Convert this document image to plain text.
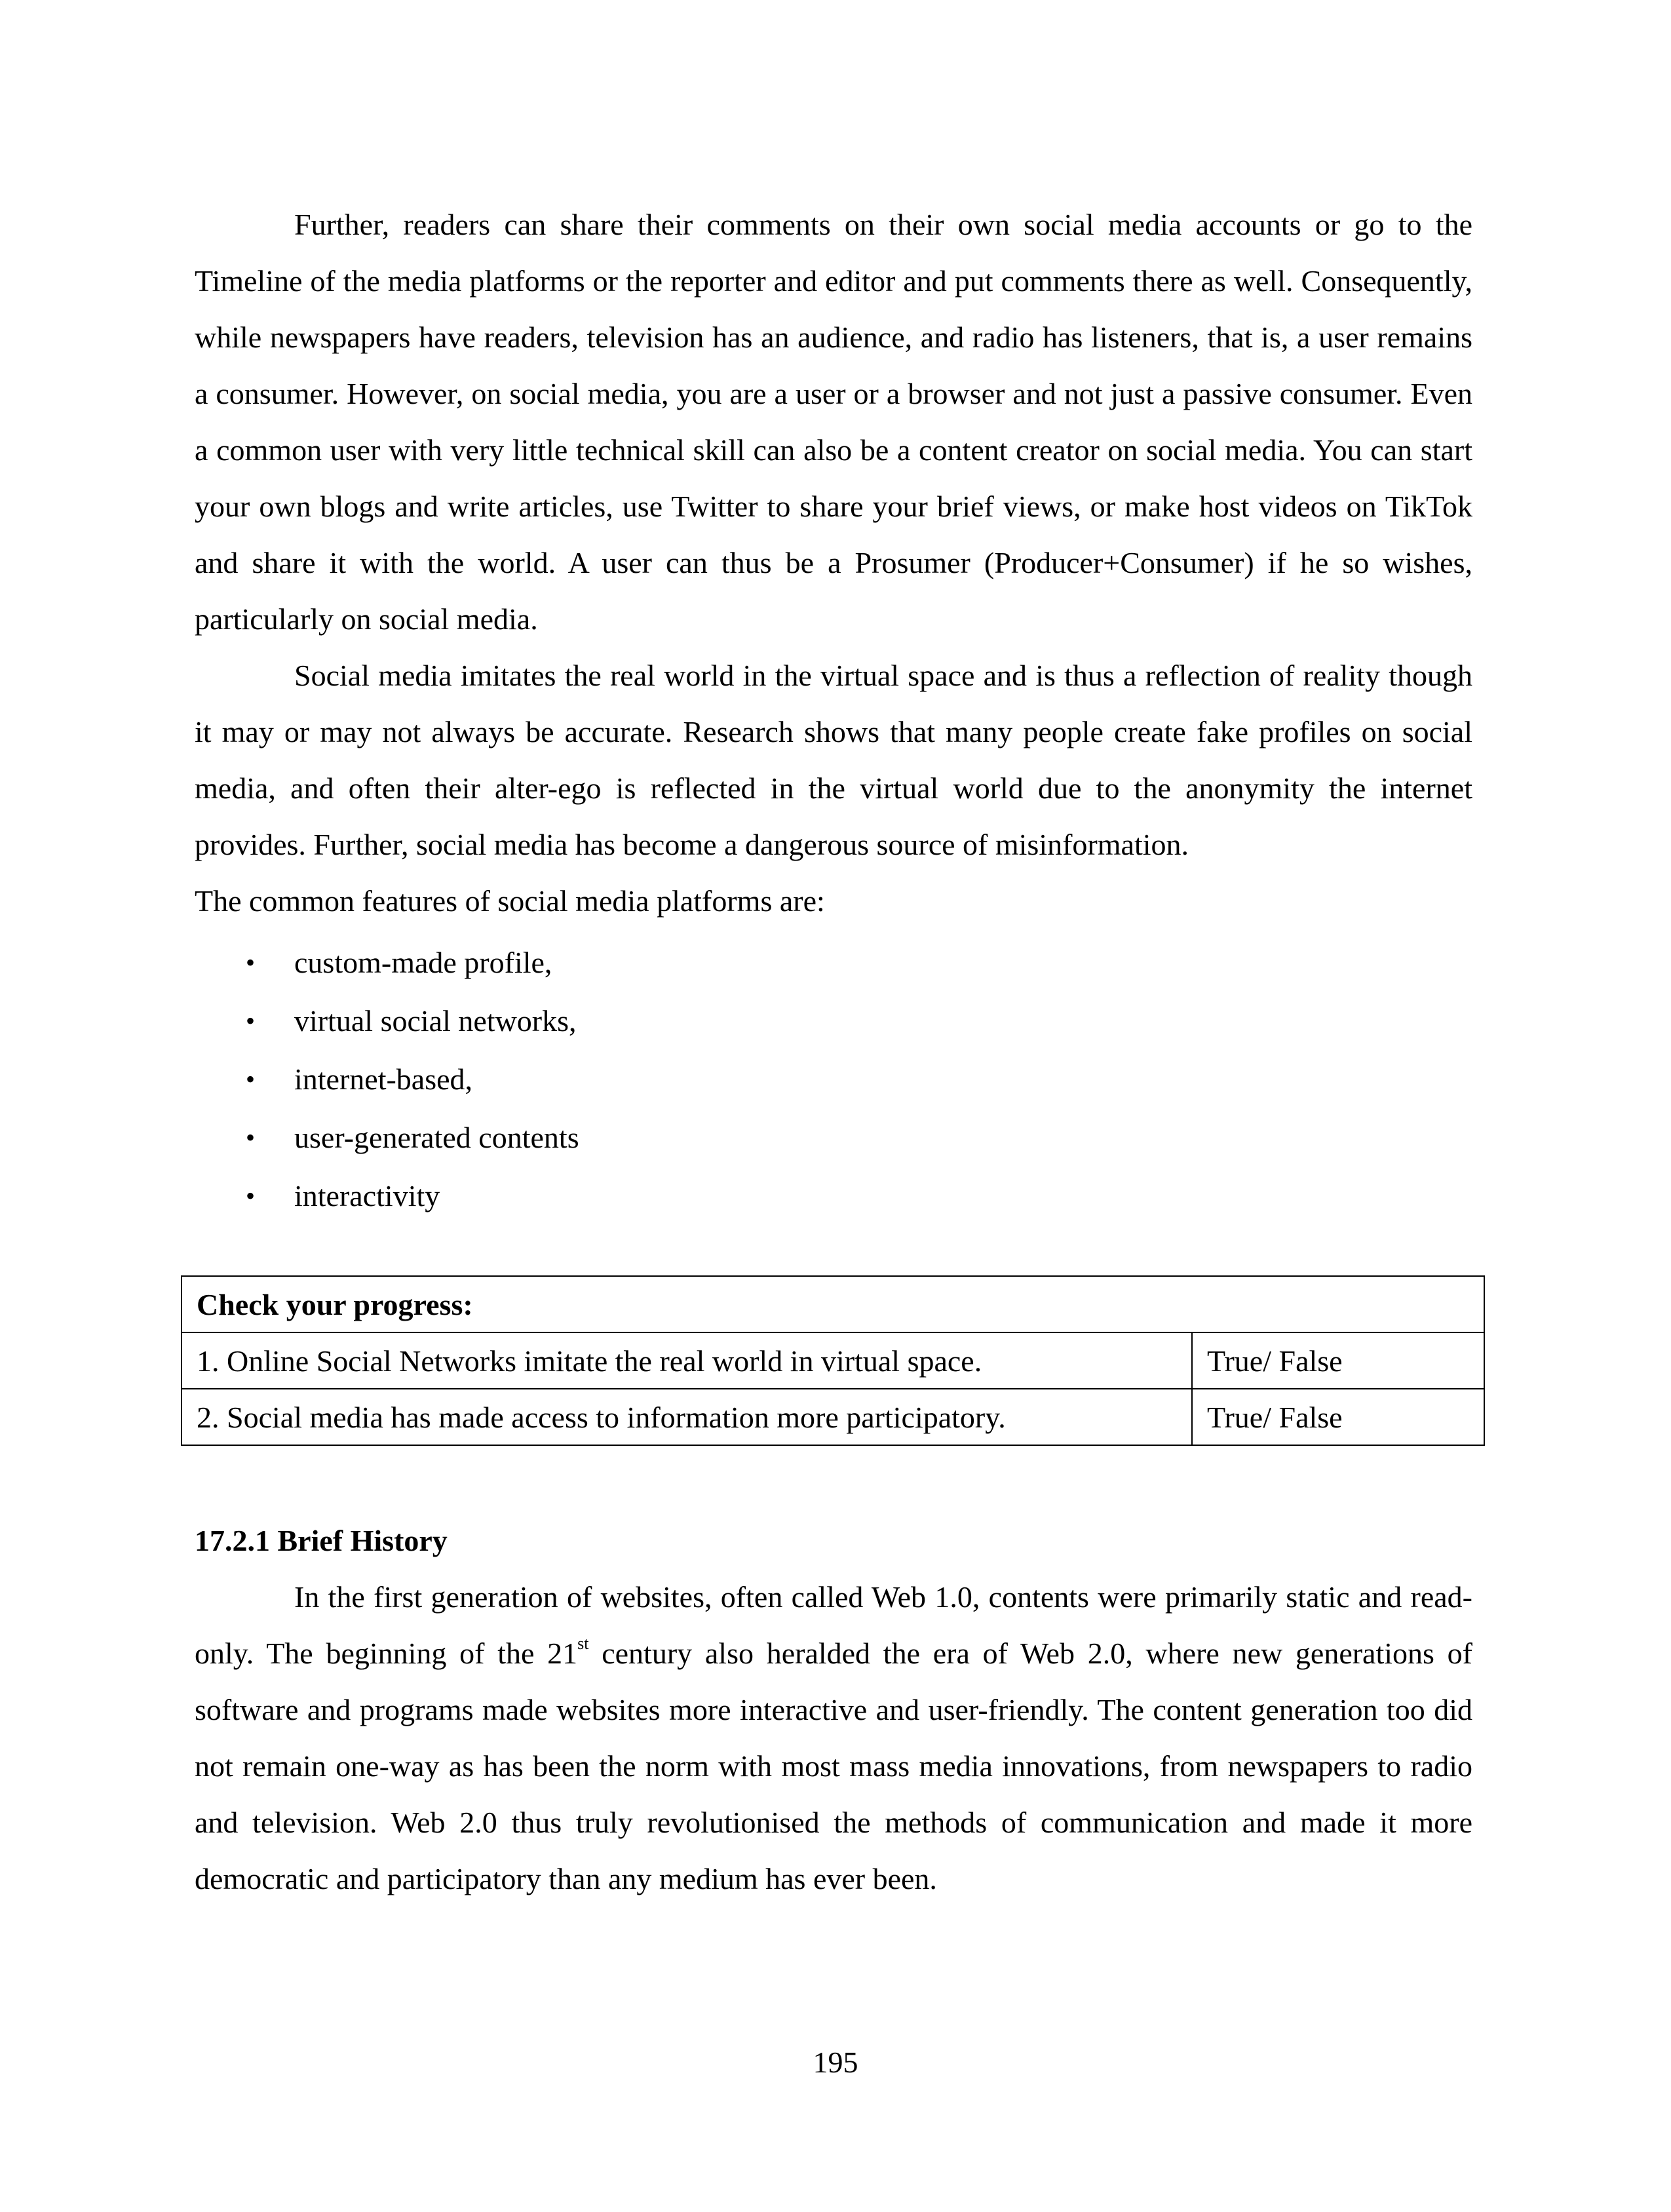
Further, readers can share their comments on their own social media accounts or go to the Timeline of the media platforms or the reporter and editor and put comments there as well. Consequently, while newspapers have readers, television has an audience, and radio has listeners, that is, a user remains a consumer. However, on social media, you are a user or a browser and not just a passive consumer. Even a common user with very little technical skill can also be a content creator on social media. You can start your own blogs and write articles, use Twitter to share your brief views, or make host videos on TikTok and share it with the world. A user can thus be a Prosumer (Producer+Consumer) if he so wishes, particularly on social media.

Social media imitates the real world in the virtual space and is thus a reflection of reality though it may or may not always be accurate. Research shows that many people create fake profiles on social media, and often their alter-ego is reflected in the virtual world due to the anonymity the internet provides. Further, social media has become a dangerous source of misinformation.

The common features of social media platforms are:

• custom-made profile,
• virtual social networks,
• internet-based,
• user-generated contents
• interactivity
Check your progress:	
1. Online Social Networks imitate the real world in virtual space.	True/ False
2. Social media has made access to information more participatory.	True/ False
17.2.1 Brief History

In the first generation of websites, often called Web 1.0, contents were primarily static and read-only. The beginning of the 21st century also heralded the era of Web 2.0, where new generations of software and programs made websites more interactive and user-friendly. The content generation too did not remain one-way as has been the norm with most mass media innovations, from newspapers to radio and television. Web 2.0 thus truly revolutionised the methods of communication and made it more democratic and participatory than any medium has ever been.

195
